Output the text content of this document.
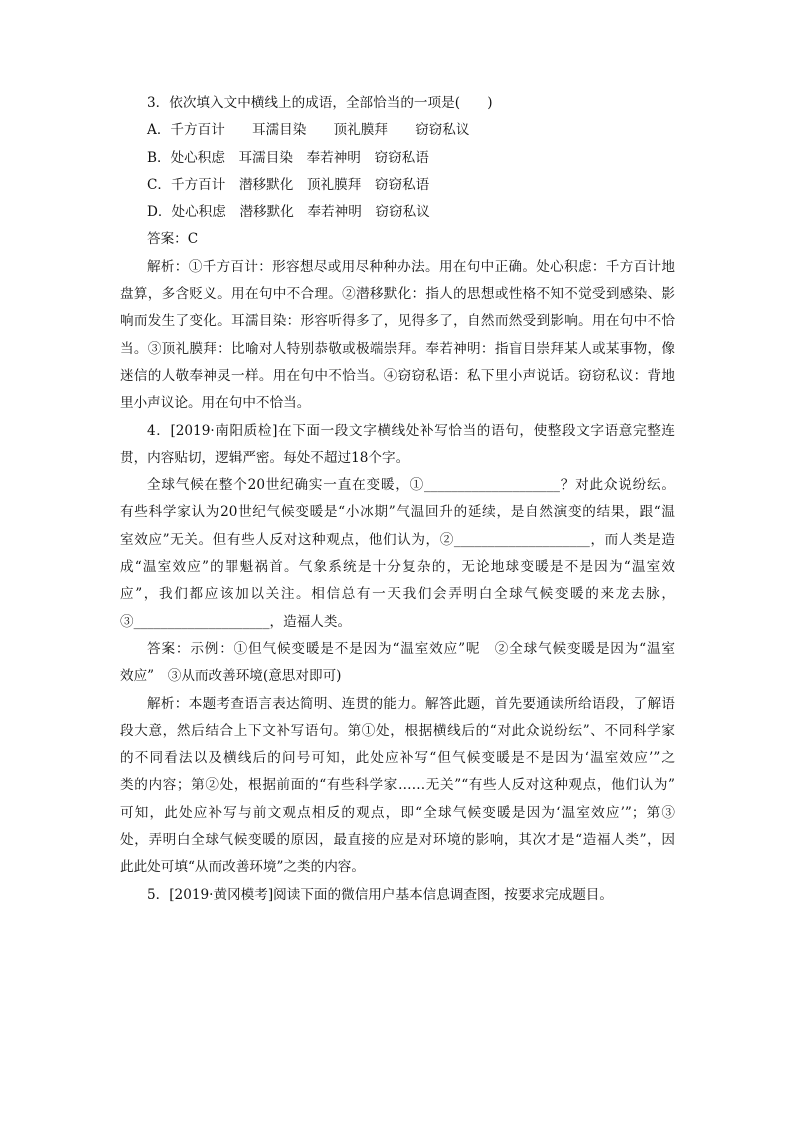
3．依次填入文中横线上的成语，全部恰当的一项是(　　)
A．千方百计　　耳濡目染　　顶礼膜拜　　窃窃私议
B．处心积虑　耳濡目染　奉若神明　窃窃私语
C．千方百计　潜移默化　顶礼膜拜　窃窃私语
D．处心积虑　潜移默化　奉若神明　窃窃私议
答案：C
解析：①千方百计：形容想尽或用尽种种办法。用在句中正确。处心积虑：千方百计地
盘算，多含贬义。用在句中不合理。②潜移默化：指人的思想或性格不知不觉受到感染、影
响而发生了变化。耳濡目染：形容听得多了，见得多了，自然而然受到影响。用在句中不恰
当。③顶礼膜拜：比喻对人特别恭敬或极端崇拜。奉若神明：指盲目崇拜某人或某事物，像
迷信的人敬奉神灵一样。用在句中不恰当。④窃窃私语：私下里小声说话。窃窃私议：背地
里小声议论。用在句中不恰当。
4．[2019·南阳质检]在下面一段文字横线处补写恰当的语句，使整段文字语意完整连
贯，内容贴切，逻辑严密。每处不超过18个字。
全球气候在整个20世纪确实一直在变暖，①____________________？对此众说纷纭。
有些科学家认为20世纪气候变暖是“小冰期”气温回升的延续，是自然演变的结果，跟“温
室效应”无关。但有些人反对这种观点，他们认为，②____________________，而人类是造
成“温室效应”的罪魁祸首。气象系统是十分复杂的，无论地球变暖是不是因为“温室效
应”，我们都应该加以关注。相信总有一天我们会弄明白全球气候变暖的来龙去脉，
③____________________，造福人类。
答案：示例：①但气候变暖是不是因为“温室效应”呢　②全球气候变暖是因为“温室
效应”　③从而改善环境(意思对即可)
解析：本题考查语言表达简明、连贯的能力。解答此题，首先要通读所给语段，了解语
段大意，然后结合上下文补写语句。第①处，根据横线后的“对此众说纷纭”、不同科学家
的不同看法以及横线后的问号可知，此处应补写“但气候变暖是不是因为‘温室效应’”之
类的内容；第②处，根据前面的“有些科学家……无关”“有些人反对这种观点，他们认为”
可知，此处应补写与前文观点相反的观点，即“全球气候变暖是因为‘温室效应’”；第③
处，弄明白全球气候变暖的原因，最直接的应是对环境的影响，其次才是“造福人类”，因
此此处可填“从而改善环境”之类的内容。
5．[2019·黄冈模考]阅读下面的微信用户基本信息调查图，按要求完成题目。
